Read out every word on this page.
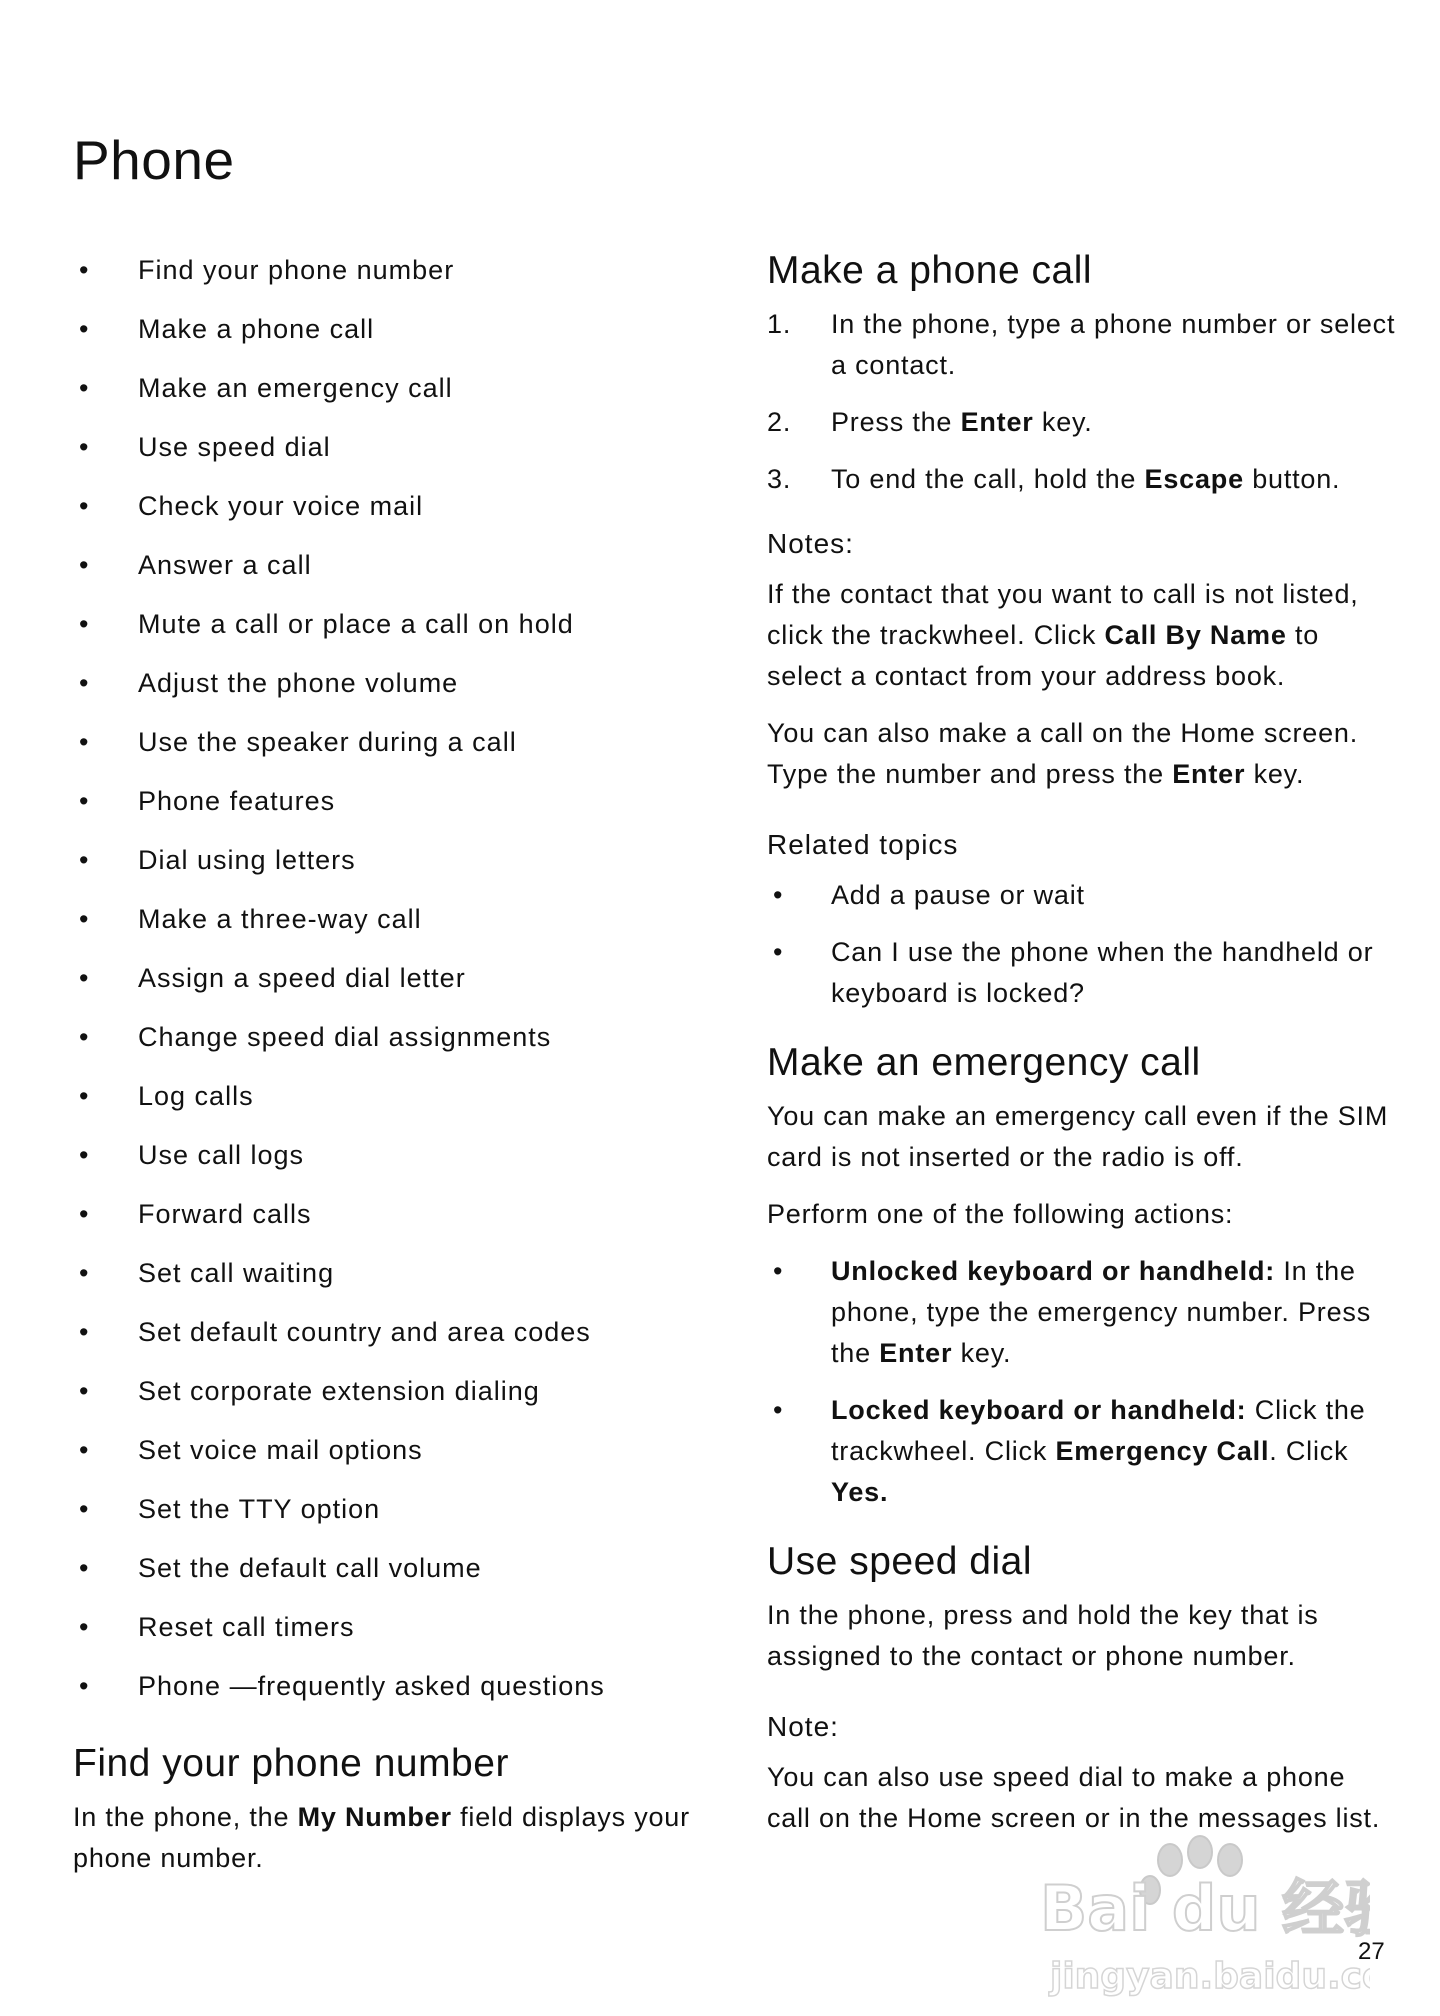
Phone
• Find your phone number
• Make a phone call
• Make an emergency call
• Use speed dial
• Check your voice mail
• Answer a call
• Mute a call or place a call on hold
• Adjust the phone volume
• Use the speaker during a call
• Phone features
• Dial using letters
• Make a three-way call
• Assign a speed dial letter
• Change speed dial assignments
• Log calls
• Use call logs
• Forward calls
• Set call waiting
• Set default country and area codes
• Set corporate extension dialing
• Set voice mail options
• Set the TTY option
• Set the default call volume
• Reset call timers
• Phone —frequently asked questions
Find your phone number

In the phone, the My Number field displays your phone number.

Make a phone call
1. In the phone, type a phone number or select a contact.
2. Press the Enter key.
3. To end the call, hold the Escape button.
Notes:

If the contact that you want to call is not listed, click the trackwheel. Click Call By Name to select a contact from your address book.

You can also make a call on the Home screen. Type the number and press the Enter key.

Related topics
• Add a pause or wait
• Can I use the phone when the handheld or keyboard is locked?
Make an emergency call

You can make an emergency call even if the SIM card is not inserted or the radio is off.

Perform one of the following actions:

• Unlocked keyboard or handheld: In the phone, type the emergency number. Press the Enter key.
• Locked keyboard or handheld: Click the trackwheel. Click Emergency Call. Click Yes.
Use speed dial

In the phone, press and hold the key that is assigned to the contact or phone number.

Note:

You can also use speed dial to make a phone call on the Home screen or in the messages list.

Bai du 经验
jingyan.baidu.c
27
